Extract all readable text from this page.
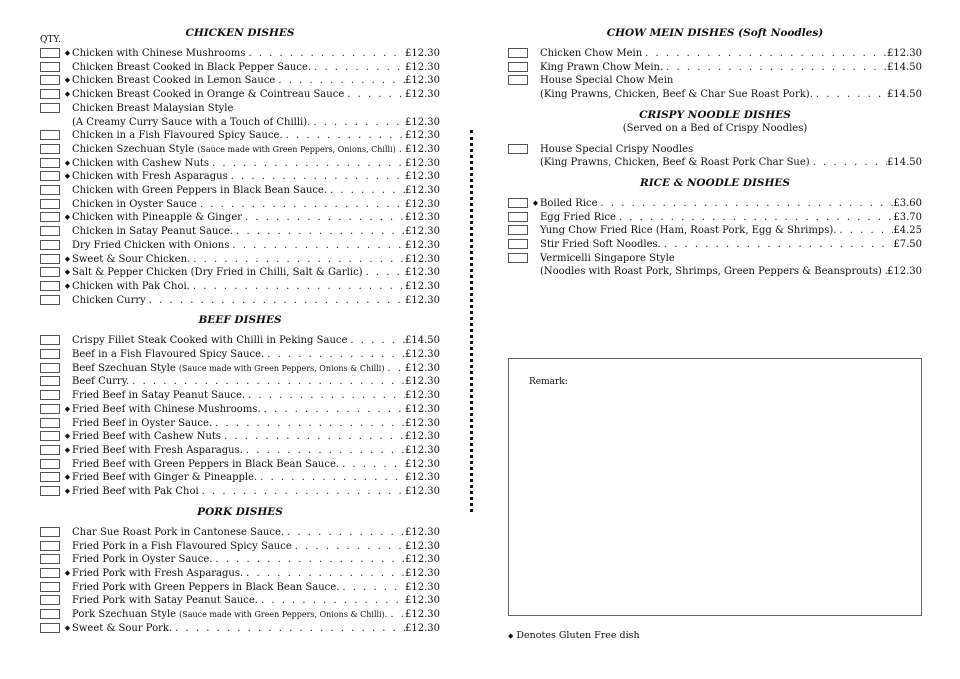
QTY.
CHICKEN DISHES
◆ Chicken with Chinese Mushrooms . . .	£12.30
Chicken Breast Cooked in Black Pepper Sauce. . . .	£12.30
◆ Chicken Breast Cooked in Lemon Sauce . . .	£12.30
◆ Chicken Breast Cooked in Orange & Cointreau Sauce . . .	£12.30
Chicken Breast Malaysian Style
(A Creamy Curry Sauce with a Touch of Chilli). . . .	£12.30
Chicken in a Fish Flavoured Spicy Sauce. . . .	£12.30
Chicken Szechuan Style (Sauce made with Green Peppers, Onions, Chilli) . . . £12.30
◆ Chicken with Cashew Nuts . . .	£12.30
◆ Chicken with Fresh Asparagus . . .	£12.30
Chicken with Green Peppers in Black Bean Sauce. . . .	£12.30
Chicken in Oyster Sauce . . .	£12.30
◆ Chicken with Pineapple & Ginger . . .	£12.30
Chicken in Satay Peanut Sauce. . . .	£12.30
Dry Fried Chicken with Onions . . .	£12.30
◆ Sweet & Sour Chicken. . . .	£12.30
◆ Salt & Pepper Chicken (Dry Fried in Chilli, Salt & Garlic) . . .	£12.30
◆ Chicken with Pak Choi. . . .	£12.30
Chicken Curry . . .	£12.30
BEEF DISHES
Crispy Fillet Steak Cooked with Chilli in Peking Sauce . . .	£14.50
Beef in a Fish Flavoured Spicy Sauce. . . .	£12.30
Beef Szechuan Style (Sauce made with Green Peppers, Onions & Chilli) . . . £12.30
Beef Curry. . . .	£12.30
Fried Beef in Satay Peanut Sauce. . . .	£12.30
◆ Fried Beef with Chinese Mushrooms. . . .	£12.30
Fried Beef in Oyster Sauce. . . .	£12.30
◆ Fried Beef with Cashew Nuts . . .	£12.30
◆ Fried Beef with Fresh Asparagus. . . .	£12.30
Fried Beef with Green Peppers in Black Bean Sauce. . . .	£12.30
◆ Fried Beef with Ginger & Pineapple. . . .	£12.30
◆ Fried Beef with Pak Choi . . .	£12.30
PORK DISHES
Char Sue Roast Pork in Cantonese Sauce. . . .	£12.30
Fried Pork in a Fish Flavoured Spicy Sauce . . .	£12.30
Fried Pork in Oyster Sauce. . . .	£12.30
◆ Fried Pork with Fresh Asparagus. . . .	£12.30
Fried Pork with Green Peppers in Black Bean Sauce. . . .	£12.30
Fried Pork with Satay Peanut Sauce. . . .	£12.30
Pork Szechuan Style (Sauce made with Green Peppers, Onions & Chilli). . . . £12.30
◆ Sweet & Sour Pork. . . .	£12.30
CHOW MEIN DISHES (Soft Noodles)
Chicken Chow Mein . . .	£12.30
King Prawn Chow Mein. . . .	£14.50
House Special Chow Mein
(King Prawns, Chicken, Beef & Char Sue Roast Pork). . . .	£14.50
CRISPY NOODLE DISHES
(Served on a Bed of Crispy Noodles)
House Special Crispy Noodles
(King Prawns, Chicken, Beef & Roast Pork Char Sue) . . .	£14.50
RICE & NOODLE DISHES
◆ Boiled Rice . . .	£3.60
Egg Fried Rice . . .	£3.70
Yung Chow Fried Rice (Ham, Roast Pork, Egg & Shrimps). . . .	£4.25
Stir Fried Soft Noodles. . . .	£7.50
Vermicelli Singapore Style
(Noodles with Roast Pork, Shrimps, Green Peppers & Beansprouts) . . . £12.30
Remark:
◆ Denotes Gluten Free dish
